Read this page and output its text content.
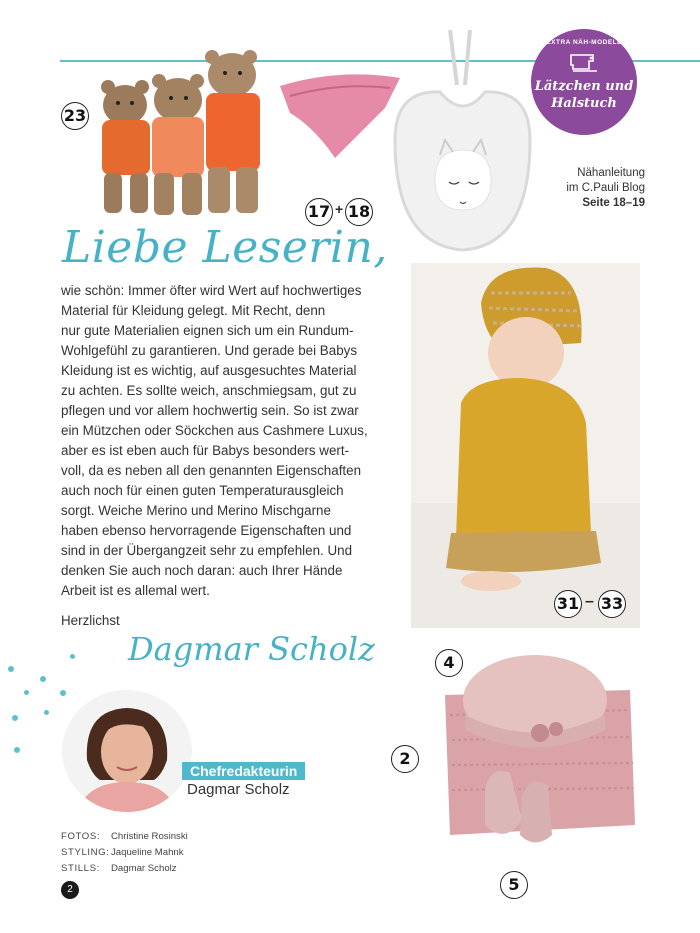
23
17 + 18
EXTRA NÄH-MODELL
Lätzchen und
Halstuch
Nähanleitung
im C.Pauli Blog
Seite 18–19
Liebe Leserin,
wie schön: Immer öfter wird Wert auf hochwertiges
Material für Kleidung gelegt. Mit Recht, denn
nur gute Materialien eignen sich um ein Rundum-
Wohlgefühl zu garantieren. Und gerade bei Babys
Kleidung ist es wichtig, auf ausgesuchtes Material
zu achten. Es sollte weich, anschmiegsam, gut zu
pflegen und vor allem hochwertig sein. So ist zwar
ein Mützchen oder Söckchen aus Cashmere Luxus,
aber es ist eben auch für Babys besonders wert-
voll, da es neben all den genannten Eigenschaften
auch noch für einen guten Temperaturausgleich
sorgt. Weiche Merino und Merino Mischgarne
haben ebenso hervorragende Eigenschaften und
sind in der Übergangzeit sehr zu empfehlen. Und
denken Sie auch noch daran: auch Ihrer Hände
Arbeit ist es allemal wert.
Herzlichst
Dagmar Scholz
Chefredakteurin
Dagmar Scholz
FOTOS: Christine Rosinski
STYLING:Jaqueline Mahnk
STILLS: Dagmar Scholz
2
31 – 33
4
2
5
